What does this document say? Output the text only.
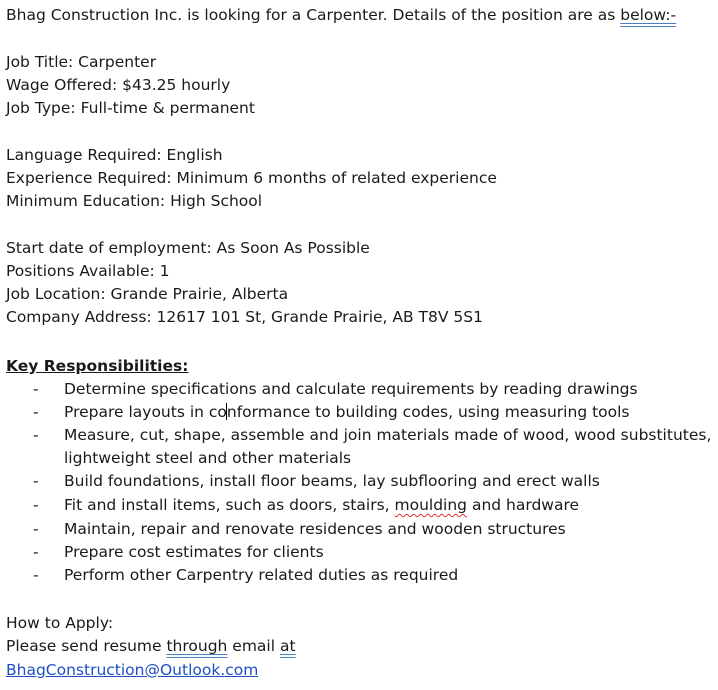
Bhag Construction Inc. is looking for a Carpenter. Details of the position are as below:-
Job Title: Carpenter
Wage Offered: $43.25 hourly
Job Type: Full-time & permanent
Language Required: English
Experience Required: Minimum 6 months of related experience
Minimum Education: High School
Start date of employment: As Soon As Possible
Positions Available: 1
Job Location: Grande Prairie, Alberta
Company Address: 12617 101 St, Grande Prairie, AB T8V 5S1
Key Responsibilities:
- Determine specifications and calculate requirements by reading drawings
- Prepare layouts in conformance to building codes, using measuring tools
- Measure, cut, shape, assemble and join materials made of wood, wood substitutes,
lightweight steel and other materials
- Build foundations, install floor beams, lay subflooring and erect walls
- Fit and install items, such as doors, stairs, moulding and hardware
- Maintain, repair and renovate residences and wooden structures
- Prepare cost estimates for clients
- Perform other Carpentry related duties as required
How to Apply:
Please send resume through email at
BhagConstruction@Outlook.com
